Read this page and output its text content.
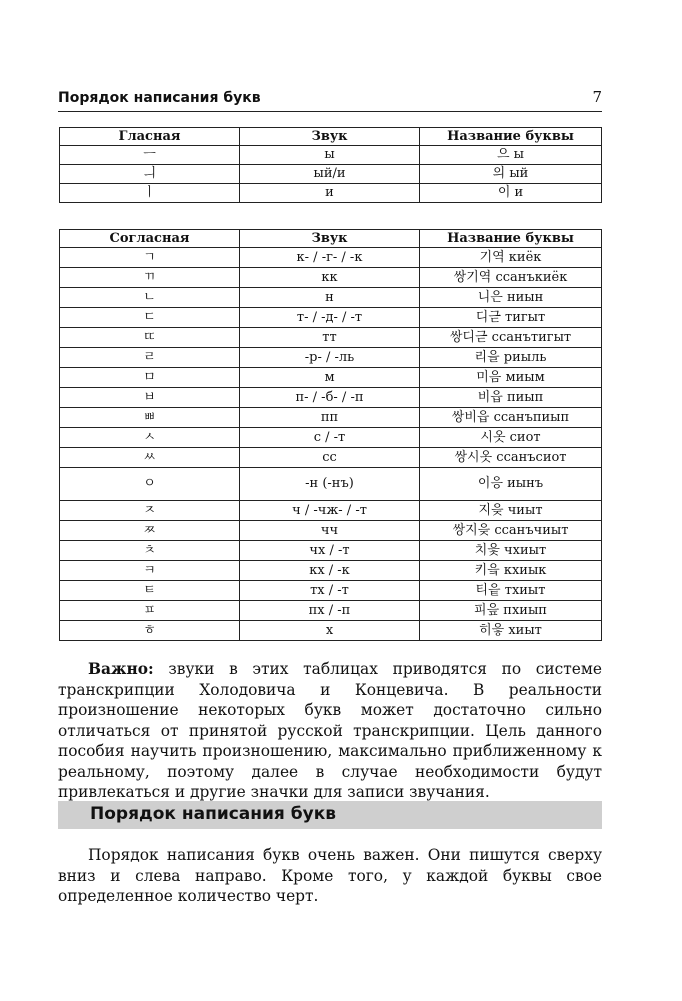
Порядок написания букв	7
Гласная	Звук	Название буквы
ㅡ	ы	으 ы
ㅢ	ый/и	의 ый
ㅣ	и	이 и
Согласная	Звук	Название буквы
ㄱ	к- / -г- / -к	기역 киёк
ㄲ	кк	쌍기역 ссанъкиёк
ㄴ	н	니은 ниын
ㄷ	т- / -д- / -т	디귿 тигыт
ㄸ	тт	쌍디귿 ссанътигыт
ㄹ	-р- / -ль	리을 риыль
ㅁ	м	미음 миым
ㅂ	п- / -б- / -п	비읍 пиып
ㅃ	пп	쌍비읍 ссанъпиып
ㅅ	с / -т	시옷 сиот
ㅆ	сс	쌍시옷 ссанъсиот
ㅇ	-н (-нъ)	이응 иынъ
ㅈ	ч / -чж- / -т	지읒 чиыт
ㅉ	чч	쌍지읒 ссанъчиыт
ㅊ	чх / -т	치읓 чхиыт
ㅋ	кх / -к	키읔 кхиык
ㅌ	тх / -т	티읕 тхиыт
ㅍ	пх / -п	피읖 пхиып
ㅎ	х	히읗 хиыт
Важно: звуки в этих таблицах приводятся по системе транскрипции Холодовича и Концевича. В реальности произношение некоторых букв может достаточно сильно отличаться от принятой русской транскрипции. Цель данного пособия научить произношению, максимально приближенному к реальному, поэтому далее в случае необходимости будут привлекаться и другие значки для записи звучания.
Порядок написания букв
Порядок написания букв очень важен. Они пишутся сверху вниз и слева направо. Кроме того, у каждой буквы свое определенное количество черт.
